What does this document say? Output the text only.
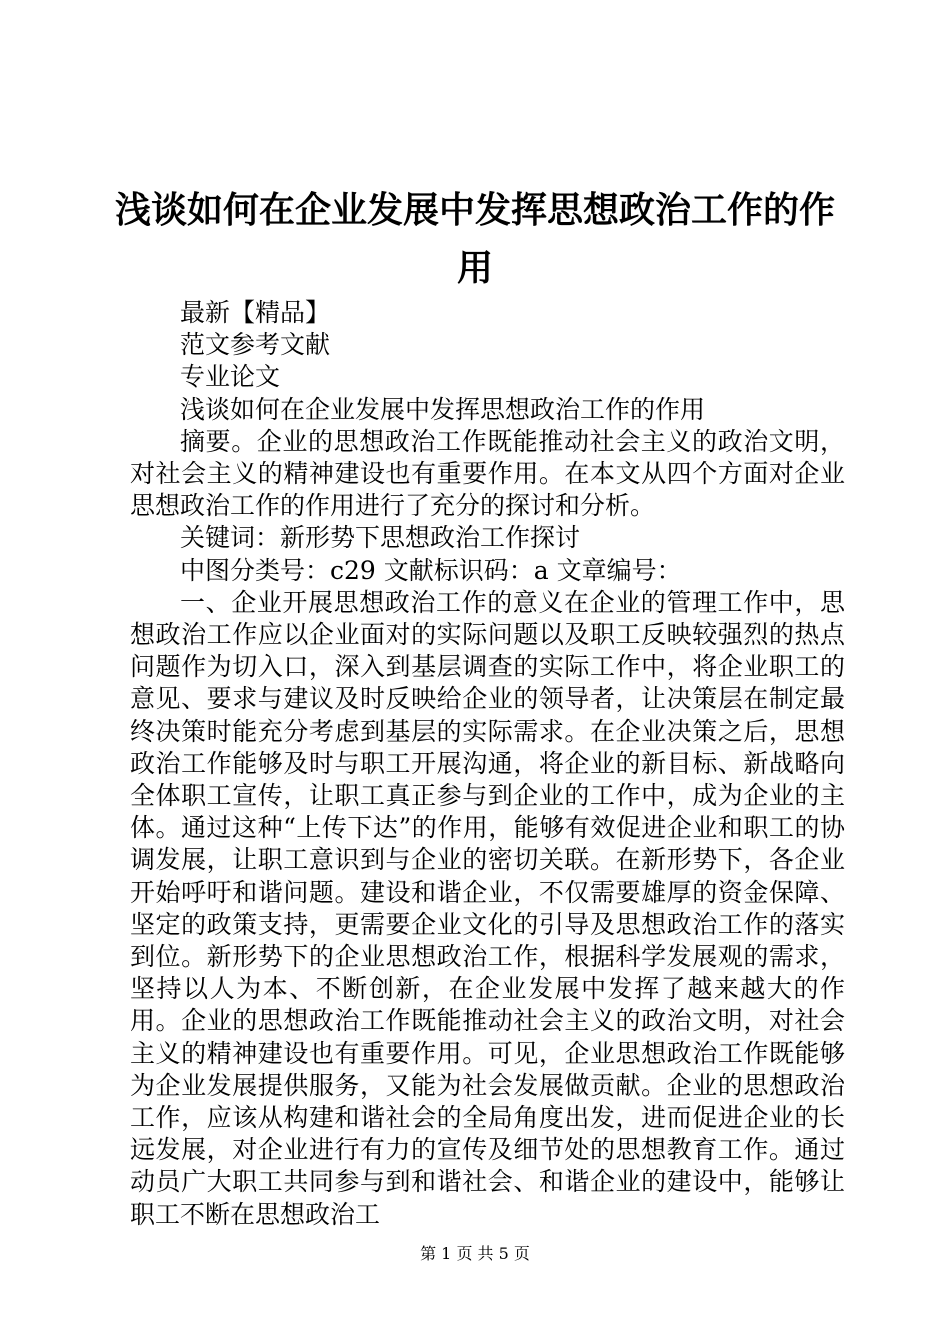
浅谈如何在企业发展中发挥思想政治工作的作用

最新【精品】

范文参考文献

专业论文

浅谈如何在企业发展中发挥思想政治工作的作用

摘要。企业的思想政治工作既能推动社会主义的政治文明，对社会主义的精神建设也有重要作用。在本文从四个方面对企业思想政治工作的作用进行了充分的探讨和分析。

关键词：新形势下思想政治工作探讨

中图分类号：c29 文献标识码：a 文章编号：

一、企业开展思想政治工作的意义在企业的管理工作中，思想政治工作应以企业面对的实际问题以及职工反映较强烈的热点问题作为切入口，深入到基层调查的实际工作中，将企业职工的意见、要求与建议及时反映给企业的领导者，让决策层在制定最终决策时能充分考虑到基层的实际需求。在企业决策之后，思想政治工作能够及时与职工开展沟通，将企业的新目标、新战略向全体职工宣传，让职工真正参与到企业的工作中，成为企业的主体。通过这种“上传下达”的作用，能够有效促进企业和职工的协调发展，让职工意识到与企业的密切关联。在新形势下，各企业开始呼吁和谐问题。建设和谐企业，不仅需要雄厚的资金保障、坚定的政策支持，更需要企业文化的引导及思想政治工作的落实到位。新形势下的企业思想政治工作，根据科学发展观的需求，坚持以人为本、不断创新，在企业发展中发挥了越来越大的作用。企业的思想政治工作既能推动社会主义的政治文明，对社会主义的精神建设也有重要作用。可见，企业思想政治工作既能够为企业发展提供服务，又能为社会发展做贡献。企业的思想政治工作，应该从构建和谐社会的全局角度出发，进而促进企业的长远发展，对企业进行有力的宣传及细节处的思想教育工作。通过动员广大职工共同参与到和谐社会、和谐企业的建设中，能够让职工不断在思想政治工

第 1 页 共 5 页
